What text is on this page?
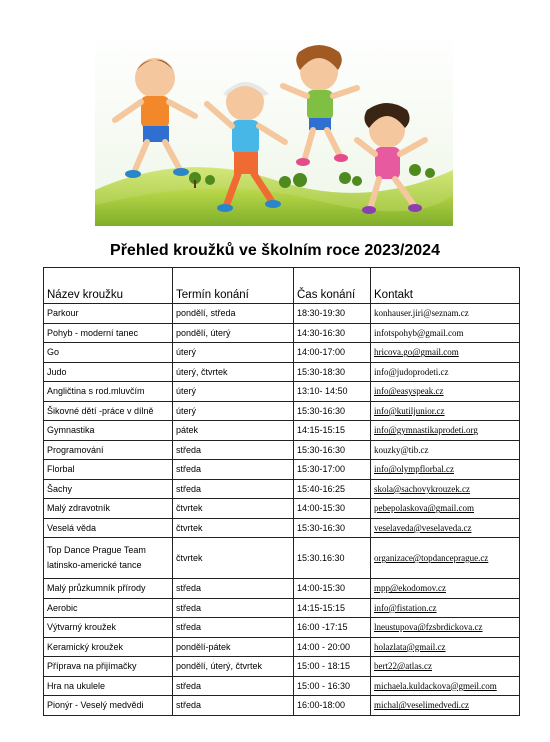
Přehled kroužků ve školním roce 2023/2024
Název kroužku	Termín konání	Čas konání	Kontakt
Parkour	pondělí, středa	18:30-19:30	konhauser.jiri@seznam.cz
Pohyb - moderní tanec	pondělí, úterý	14:30-16:30	infotspohyb@gmail.com
Go	úterý	14:00-17:00	hricova.go@gmail.com
Judo	úterý, čtvrtek	15:30-18:30	info@judoprodeti.cz
Angličtina s rod.mluvčím	úterý	13:10- 14:50	info@easyspeak.cz
Šikovné dětí -práce v dílně	úterý	15:30-16:30	info@kutiljunior.cz
Gymnastika	pátek	14:15-15:15	info@gymnastikaprodeti.org
Programování	středa	15:30-16:30	kouzky@tib.cz
Florbal	středa	15:30-17:00	info@olympflorbal.cz
Šachy	středa	15:40-16:25	skola@sachovykrouzek.cz
Malý zdravotník	čtvrtek	14:00-15:30	pebepolaskova@gmail.com
Veselá věda	čtvrtek	15:30-16:30	veselaveda@veselaveda.cz
Top Dance Prague Team latinsko-americké tance	čtvrtek	15:30.16:30	organizace@topdanceprague.cz
Malý průzkumník přírody	středa	14:00-15:30	mpp@ekodomov.cz
Aerobic	středa	14:15-15:15	info@fistation.cz
Výtvarný kroužek	středa	16:00 -17:15	lneustupova@fzsbrdickova.cz
Keramický kroužek	pondělí-pátek	14:00 - 20:00	holazlata@gmail.cz
Příprava na přijímačky	pondělí, úterý, čtvrtek	15:00 - 18:15	bert22@atlas.cz
Hra na ukulele	středa	15:00 - 16:30	michaela.kuldackova@gmeil.com
Pionýr - Veselý medvědi	středa	16:00-18:00	michal@veselimedvedi.cz
